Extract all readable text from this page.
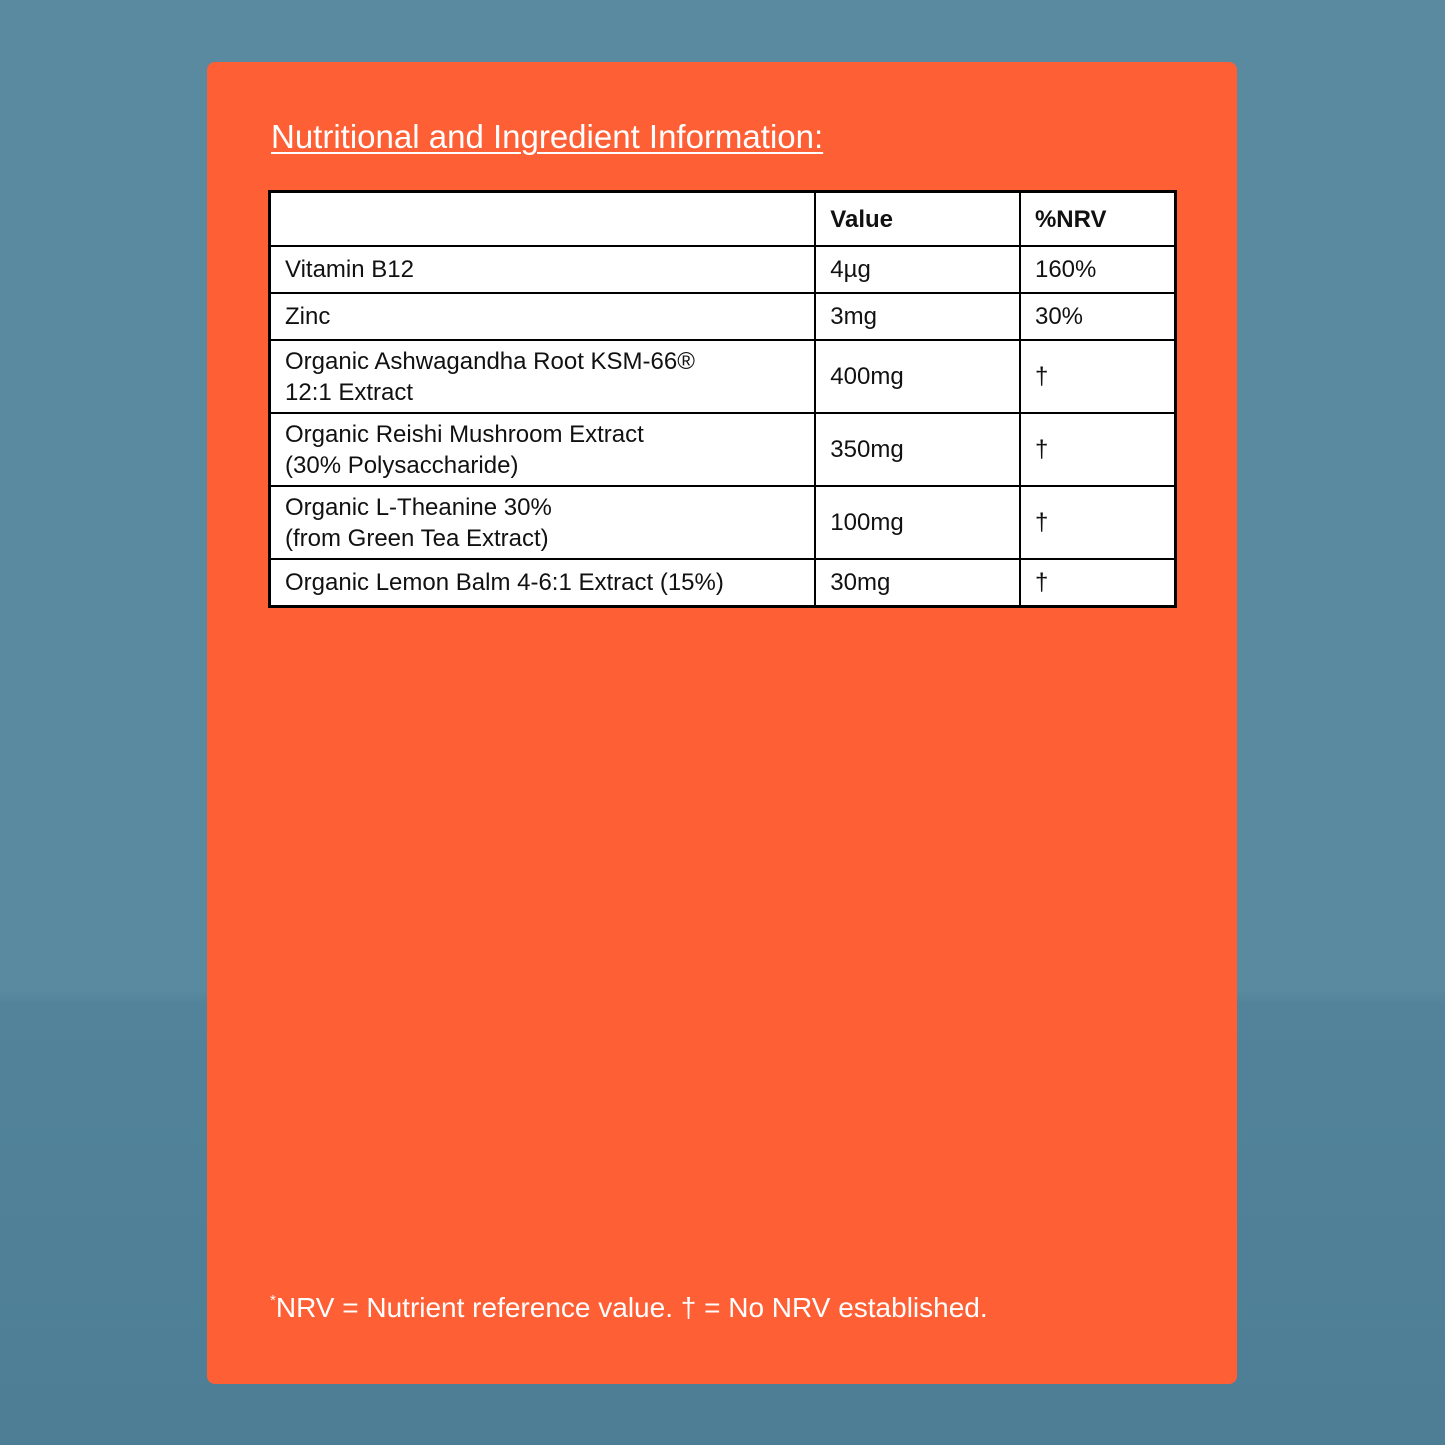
Nutritional and Ingredient Information:
	Value	%NRV
Vitamin B12	4µg	160%
Zinc	3mg	30%
Organic Ashwagandha Root KSM-66®
12:1 Extract	400mg	†
Organic Reishi Mushroom Extract
(30% Polysaccharide)	350mg	†
Organic L-Theanine 30%
(from Green Tea Extract)	100mg	†
Organic Lemon Balm 4-6:1 Extract (15%)	30mg	†

*NRV = Nutrient reference value. † = No NRV established.
